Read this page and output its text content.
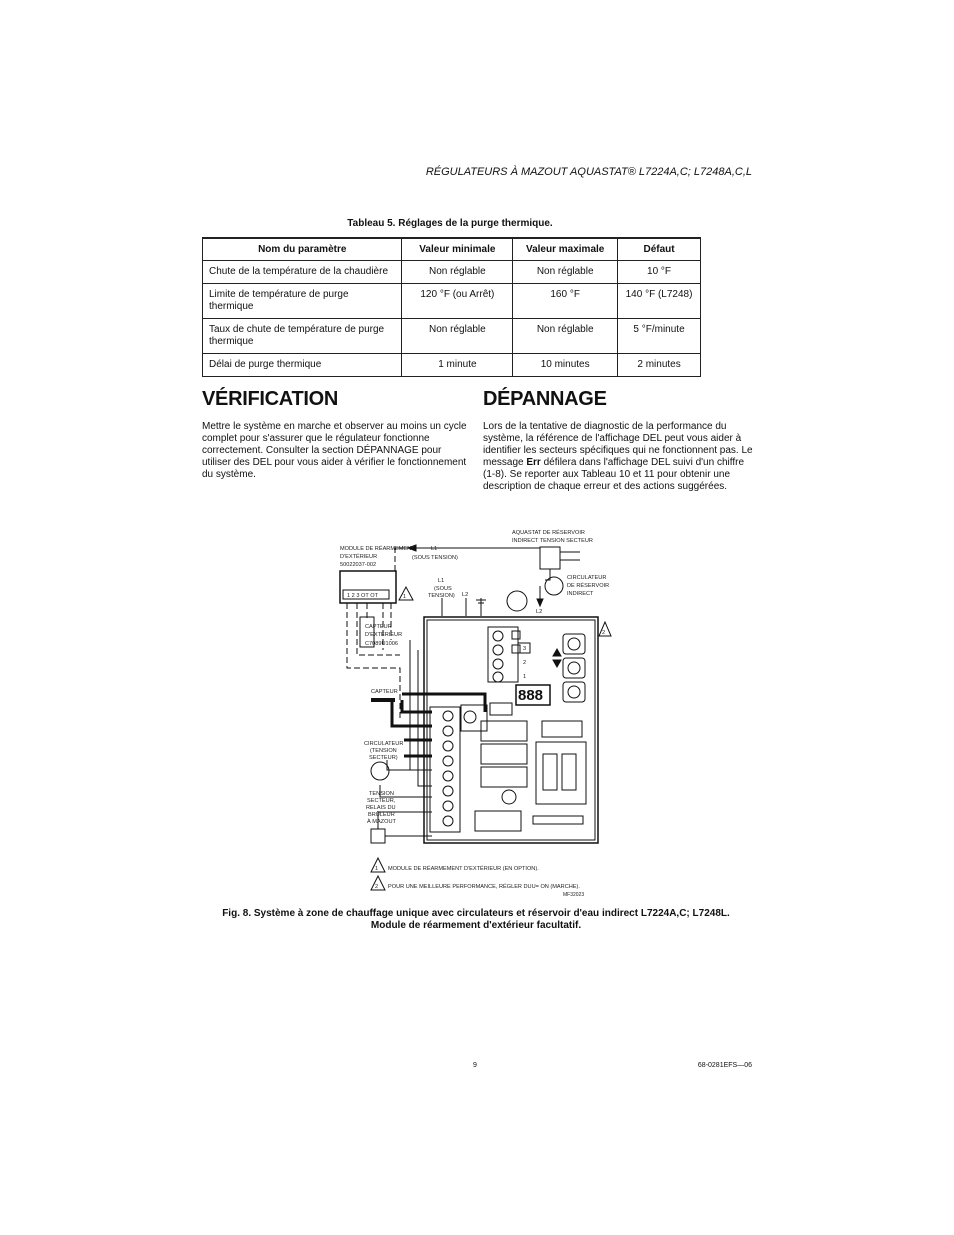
RÉGULATEURS À MAZOUT AQUASTAT® L7224A,C; L7248A,C,L
Tableau 5. Réglages de la purge thermique.
Nom du paramètre	Valeur minimale	Valeur maximale	Défaut
Chute de la température de la chaudière	Non réglable	Non réglable	10 °F
Limite de température de purge thermique	120 °F (ou Arrêt)	160 °F	140 °F (L7248)
Taux de chute de température de purge thermique	Non réglable	Non réglable	5 °F/minute
Délai de purge thermique	1 minute	10 minutes	2 minutes
VÉRIFICATION
Mettre le système en marche et observer au moins un cycle complet pour s'assurer que le régulateur fonctionne correctement. Consulter la section DÉPANNAGE pour utiliser des DEL pour vous aider à vérifier le fonctionnement du système.
DÉPANNAGE
Lors de la tentative de diagnostic de la performance du système, la référence de l'affichage DEL peut vous aider à identifier les secteurs spécifiques qui ne fonctionnent pas. Le message Err défilera dans l'affichage DEL suivi d'un chiffre (1-8). Se reporter aux Tableau 10 et 11 pour obtenir une description de chaque erreur et des actions suggérées.
MODULE DE RÉARMEMENT
D'EXTÉRIEUR
50022037-002
L1
(SOUS TENSION)
AQUASTAT DE RÉSERVOIR
INDIRECT TENSION SECTEUR
CIRCULATEUR
DE RÉSERVOIR
INDIRECT
1 2 3 OT OT
L1
(SOUS
TENSION) L2
L2
CAPTEUR
D'EXTÉRIEUR
C7089U1006
CAPTEUR
CIRCULATEUR
(TENSION
SECTEUR)
TENSION
SECTEUR,
RELAIS DU
BRÛLEUR
À MAZOUT
3
2
1
1 MODULE DE RÉARMEMENT D'EXTÉRIEUR (EN OPTION).
2 POUR UNE MEILLEURE PERFORMANCE, RÉGLER DUU= ON (MARCHE).
MF32023
1
2
888
Fig. 8. Système à zone de chauffage unique avec circulateurs et réservoir d'eau indirect L7224A,C; L7248L.
Module de réarmement d'extérieur facultatif.
9	68-0281EFS—06
